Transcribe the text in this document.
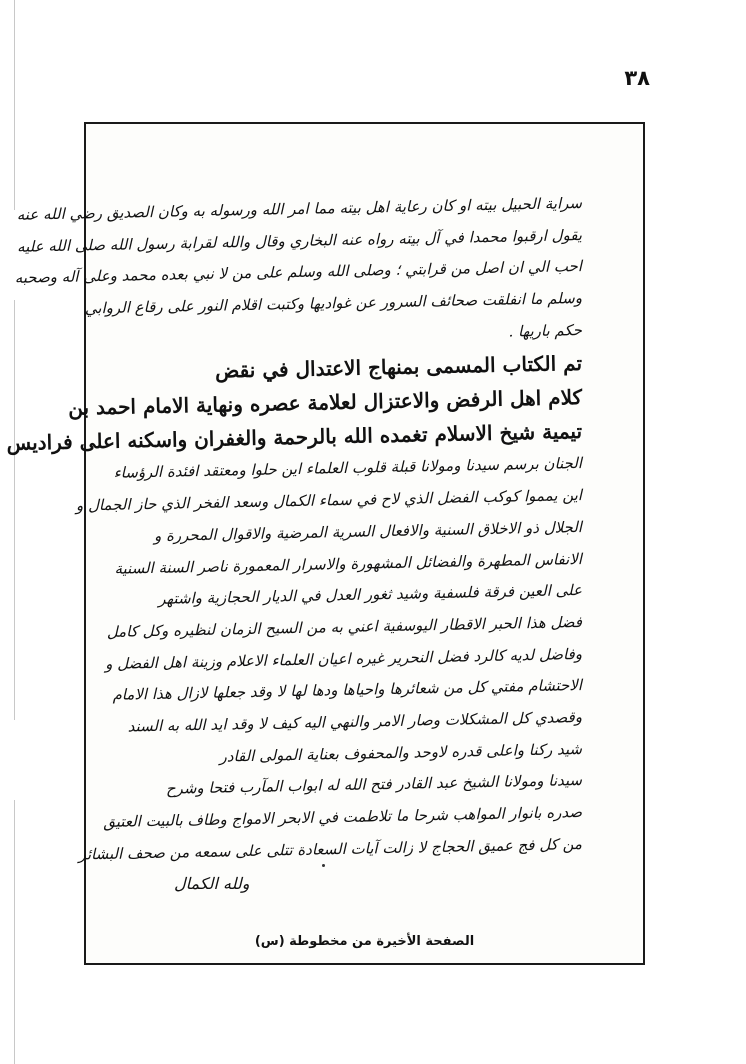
٣٨
سراية الحبيل بيته او كان رعاية اهل بيته مما امر الله ورسوله به وكان الصديق رضي الله عنه
يقول ارقبوا محمدا في آل بيته رواه عنه البخاري وقال والله لقرابة رسول الله صلى الله عليه
احب الي ان اصل من قرابتي ؛ وصلى الله وسلم على من لا نبي بعده محمد وعلى آله وصحبه
وسلم ما انفلقت صحائف السرور عن غواديها وكتبت اقلام النور على رقاع الروابي
حكم باريها .
تم الكتاب المسمى بمنهاج الاعتدال في نقض
كلام اهل الرفض والاعتزال لعلامة عصره ونهاية الامام احمد بن
تيمية شيخ الاسلام تغمده الله بالرحمة والغفران واسكنه اعلى فراديس
الجنان برسم سيدنا ومولانا قبلة قلوب العلماء اين حلوا ومعتقد افئدة الرؤساء
اين يمموا كوكب الفضل الذي لاح في سماء الكمال وسعد الفخر الذي حاز الجمال و
الجلال ذو الاخلاق السنية والافعال السرية المرضية والاقوال المحررة و
الانفاس المطهرة والفضائل المشهورة والاسرار المعمورة ناصر السنة السنية
على العين فرقة فلسفية وشيد ثغور العدل في الديار الحجازية واشتهر
فضل هذا الحبر الاقطار اليوسفية اعني به من السيح الزمان لنظيره وكل كامل
وفاضل لديه كالرد فضل النحرير غيره اعيان العلماء الاعلام وزينة اهل الفضل و
الاحتشام مفتي كل من شعائرها واحياها ودها لها لا وقد جعلها لازال هذا الامام
وقصدي كل المشكلات وصار الامر والنهي اليه كيف لا وقد ايد الله به السند
شيد ركنا واعلى قدره لاوحد والمحفوف بعناية المولى القادر
سيدنا ومولانا الشيخ عبد القادر فتح الله له ابواب المآرب فتحا وشرح
صدره بانوار المواهب شرحا ما تلاطمت في الابحر الامواج وطاف بالبيت العتيق
من كل فج عميق الحجاج لا زالت آيات السعادة تتلى على سمعه من صحف البشائر
ولله الكمال
الصفحة الأخيرة من مخطوطة (س)
